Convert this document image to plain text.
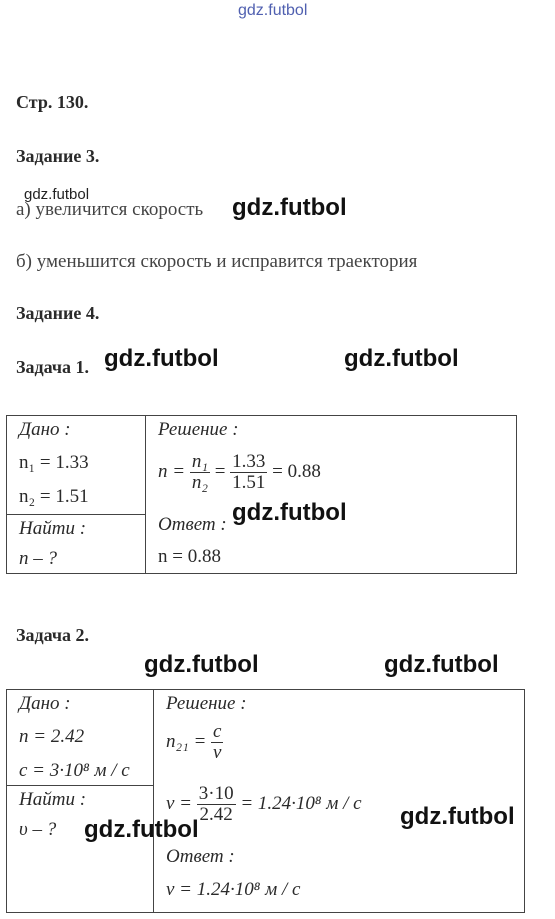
gdz.futbol
Стр. 130.
Задание 3.
gdz.futbol
а) увеличится скорость gdz.futbol
б) уменьшится скорость и исправится траектория
Задание 4.
Задача 1. gdz.futbol	gdz.futbol
Дано :
n₁ = 1.33
n₂ = 1.51

Решение :
$n = \frac{\text{n₁}}{\text{n₂}} = \frac{1.33}{1.51} = 0.88$
Ответ :
n = 0.88

Найти :
n – ?
gdz.futbol
Задача 2.
gdz.futbol	gdz.futbol
Дано :
n = 2.42
c = 3·10⁸ м / с

Решение :
$n_{21} = \frac{c}{v}$
$v = \frac{3\cdot 10}{2.42} = 1.24\cdot 10^8$ м / с
Ответ :
v = 1.24·10⁸ м / с

Найти :
υ – ? gdz.futbol	gdz.futbol
